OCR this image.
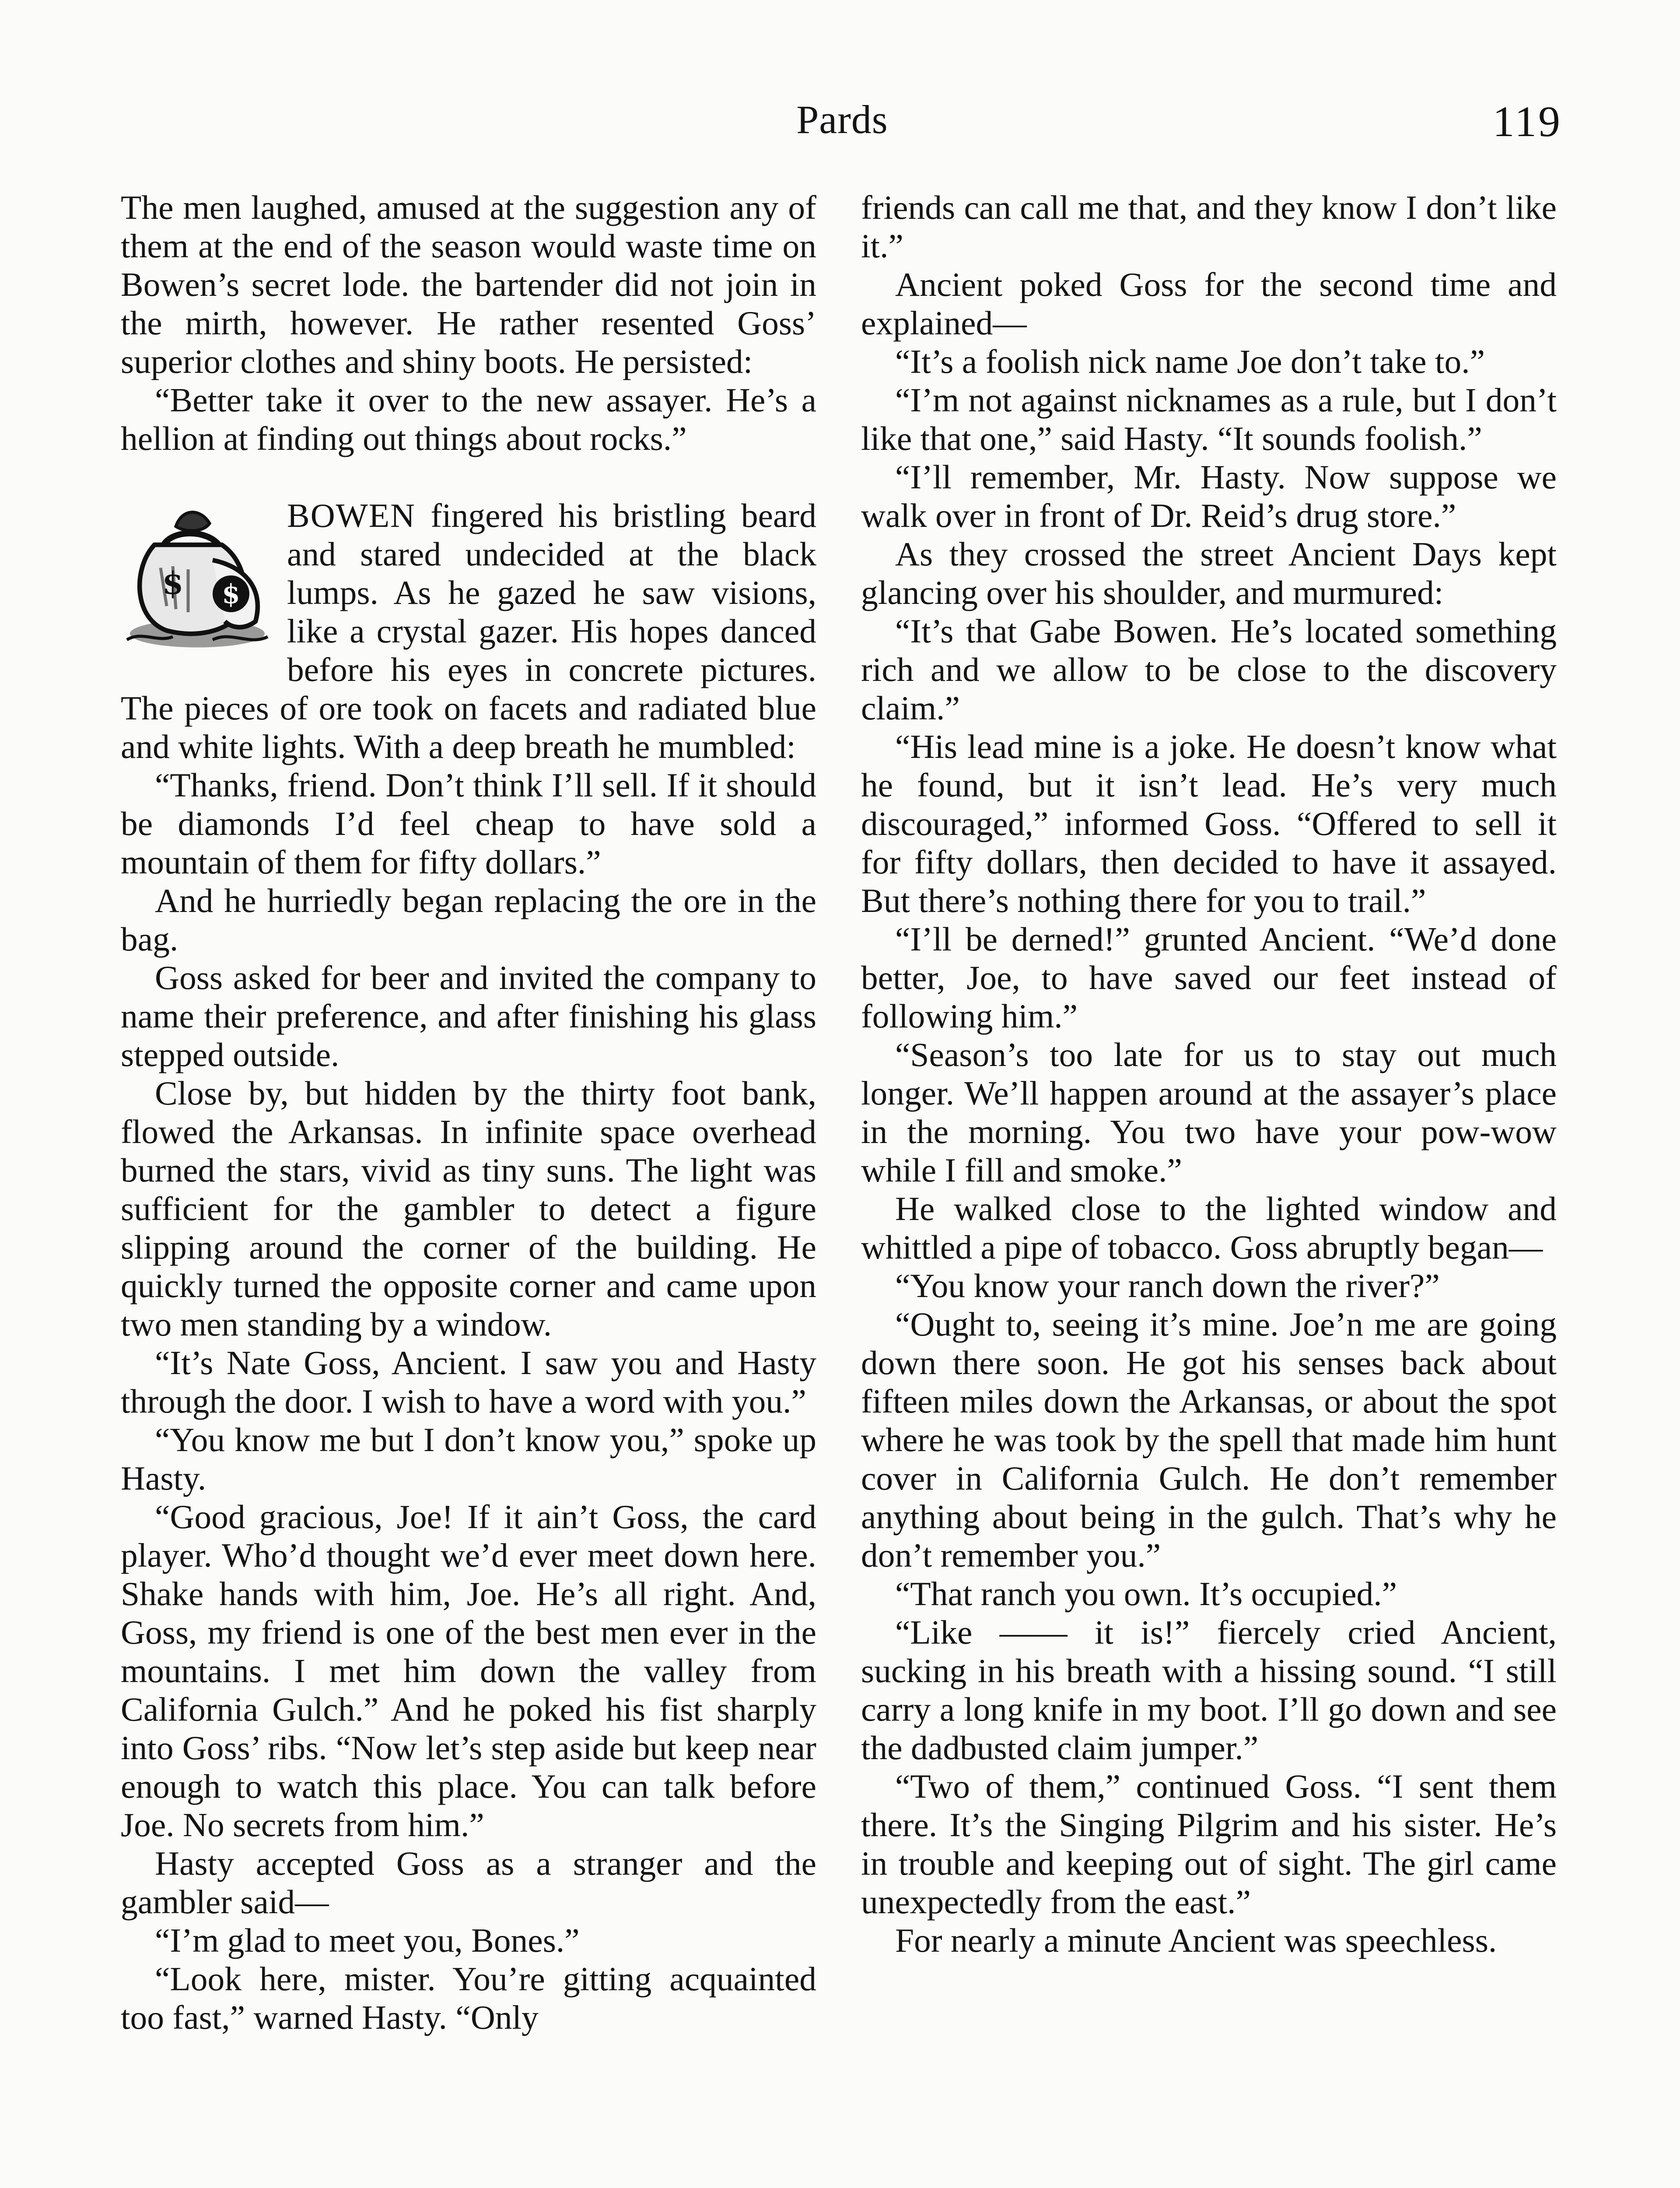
Pards	119

The men laughed, amused at the suggestion any of them at the end of the season would waste time on Bowen’s secret lode. the bartender did not join in the mirth, however. He rather resented Goss’ superior clothes and shiny boots. He persisted:

“Better take it over to the new assayer. He’s a hellion at finding out things about rocks.”

$
$

BOWEN fingered his bristling beard and stared undecided at the black lumps. As he gazed he saw visions, like a crystal gazer. His hopes danced before his eyes in concrete pictures. The pieces of ore took on facets and radiated blue and white lights. With a deep breath he mumbled:

“Thanks, friend. Don’t think I’ll sell. If it should be diamonds I’d feel cheap to have sold a mountain of them for fifty dollars.”

And he hurriedly began replacing the ore in the bag.

Goss asked for beer and invited the company to name their preference, and after finishing his glass stepped outside.

Close by, but hidden by the thirty foot bank, flowed the Arkansas. In infinite space overhead burned the stars, vivid as tiny suns. The light was sufficient for the gambler to detect a figure slipping around the corner of the building. He quickly turned the opposite corner and came upon two men standing by a window.

“It’s Nate Goss, Ancient. I saw you and Hasty through the door. I wish to have a word with you.”

“You know me but I don’t know you,” spoke up Hasty.

“Good gracious, Joe! If it ain’t Goss, the card player. Who’d thought we’d ever meet down here. Shake hands with him, Joe. He’s all right. And, Goss, my friend is one of the best men ever in the mountains. I met him down the valley from California Gulch.” And he poked his fist sharply into Goss’ ribs. “Now let’s step aside but keep near enough to watch this place. You can talk before Joe. No secrets from him.”

Hasty accepted Goss as a stranger and the gambler said—

“I’m glad to meet you, Bones.”

“Look here, mister. You’re gitting acquainted too fast,” warned Hasty. “Only

friends can call me that, and they know I don’t like it.”

Ancient poked Goss for the second time and explained—

“It’s a foolish nick name Joe don’t take to.”

“I’m not against nicknames as a rule, but I don’t like that one,” said Hasty. “It sounds foolish.”

“I’ll remember, Mr. Hasty. Now suppose we walk over in front of Dr. Reid’s drug store.”

As they crossed the street Ancient Days kept glancing over his shoulder, and murmured:

“It’s that Gabe Bowen. He’s located something rich and we allow to be close to the discovery claim.”

“His lead mine is a joke. He doesn’t know what he found, but it isn’t lead. He’s very much discouraged,” informed Goss. “Offered to sell it for fifty dollars, then decided to have it assayed. But there’s nothing there for you to trail.”

“I’ll be derned!” grunted Ancient. “We’d done better, Joe, to have saved our feet instead of following him.”

“Season’s too late for us to stay out much longer. We’ll happen around at the assayer’s place in the morning. You two have your pow-wow while I fill and smoke.”

He walked close to the lighted window and whittled a pipe of tobacco. Goss abruptly began—

“You know your ranch down the river?”

“Ought to, seeing it’s mine. Joe’n me are going down there soon. He got his senses back about fifteen miles down the Arkansas, or about the spot where he was took by the spell that made him hunt cover in California Gulch. He don’t remember anything about being in the gulch. That’s why he don’t remember you.”

“That ranch you own. It’s occupied.”

“Like —— it is!” fiercely cried Ancient, sucking in his breath with a hissing sound. “I still carry a long knife in my boot. I’ll go down and see the dadbusted claim jumper.”

“Two of them,” continued Goss. “I sent them there. It’s the Singing Pilgrim and his sister. He’s in trouble and keeping out of sight. The girl came unexpectedly from the east.”

For nearly a minute Ancient was speechless.
